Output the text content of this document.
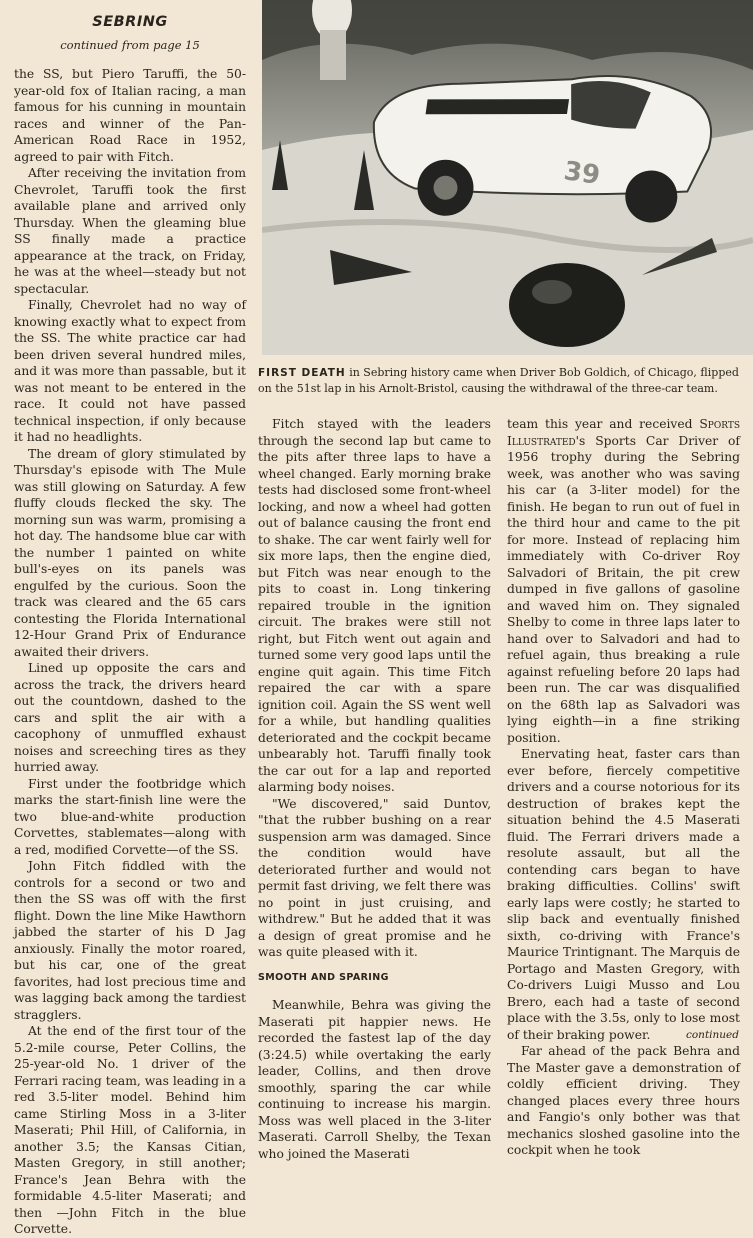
SEBRING
continued from page 15

the SS, but Piero Taruffi, the 50-year-old fox of Italian racing, a man famous for his cunning in mountain races and winner of the Pan-American Road Race in 1952, agreed to pair with Fitch.

After receiving the invitation from Chevrolet, Taruffi took the first available plane and arrived only Thursday. When the gleaming blue SS finally made a practice appearance at the track, on Friday, he was at the wheel—steady but not spectacular.

Finally, Chevrolet had no way of knowing exactly what to expect from the SS. The white practice car had been driven several hundred miles, and it was more than passable, but it was not meant to be entered in the race. It could not have passed technical inspection, if only because it had no headlights.

The dream of glory stimulated by Thursday's episode with The Mule was still glowing on Saturday. A few fluffy clouds flecked the sky. The morning sun was warm, promising a hot day. The handsome blue car with the number 1 painted on white bull's-eyes on its panels was engulfed by the curious. Soon the track was cleared and the 65 cars contesting the Florida International 12-Hour Grand Prix of Endurance awaited their drivers.

Lined up opposite the cars and across the track, the drivers heard out the countdown, dashed to the cars and split the air with a cacophony of unmuffled exhaust noises and screeching tires as they hurried away.

First under the footbridge which marks the start-finish line were the two blue-and-white production Corvettes, stablemates—along with a red, modified Corvette—of the SS.

John Fitch fiddled with the controls for a second or two and then the SS was off with the first flight. Down the line Mike Hawthorn jabbed the starter of his D Jag anxiously. Finally the motor roared, but his car, one of the great favorites, had lost precious time and was lagging back among the tardiest stragglers.

At the end of the first tour of the 5.2-mile course, Peter Collins, the 25-year-old No. 1 driver of the Ferrari racing team, was leading in a red 3.5-liter model. Behind him came Stirling Moss in a 3-liter Maserati; Phil Hill, of California, in another 3.5; the Kansas Citian, Masten Gregory, in still another; France's Jean Behra with the formidable 4.5-liter Maserati; and then —John Fitch in the blue Corvette.

39
FIRST DEATH in Sebring history came when Driver Bob Goldich, of Chicago, flipped on the 51st lap in his Arnolt-Bristol, causing the withdrawal of the three-car team.

Fitch stayed with the leaders through the second lap but came to the pits after three laps to have a wheel changed. Early morning brake tests had disclosed some front-wheel locking, and now a wheel had gotten out of balance causing the front end to shake. The car went fairly well for six more laps, then the engine died, but Fitch was near enough to the pits to coast in. Long tinkering repaired trouble in the ignition circuit. The brakes were still not right, but Fitch went out again and turned some very good laps until the engine quit again. This time Fitch repaired the car with a spare ignition coil. Again the SS went well for a while, but handling qualities deteriorated and the cockpit became unbearably hot. Taruffi finally took the car out for a lap and reported alarming body noises.

"We discovered," said Duntov, "that the rubber bushing on a rear suspension arm was damaged. Since the condition would have deteriorated further and would not permit fast driving, we felt there was no point in just cruising, and withdrew." But he added that it was a design of great promise and he was quite pleased with it.

SMOOTH AND SPARING

Meanwhile, Behra was giving the Maserati pit happier news. He recorded the fastest lap of the day (3:24.5) while overtaking the early leader, Collins, and then drove smoothly, sparing the car while continuing to increase his margin. Moss was well placed in the 3-liter Maserati. Carroll Shelby, the Texan who joined the Maserati

team this year and received Sports Illustrated's Sports Car Driver of 1956 trophy during the Sebring week, was another who was saving his car (a 3-liter model) for the finish. He began to run out of fuel in the third hour and came to the pit for more. Instead of replacing him immediately with Co-driver Roy Salvadori of Britain, the pit crew dumped in five gallons of gasoline and waved him on. They signaled Shelby to come in three laps later to hand over to Salvadori and had to refuel again, thus breaking a rule against refueling before 20 laps had been run. The car was disqualified on the 68th lap as Salvadori was lying eighth—in a fine striking position.

Enervating heat, faster cars than ever before, fiercely competitive drivers and a course notorious for its destruction of brakes kept the situation behind the 4.5 Maserati fluid. The Ferrari drivers made a resolute assault, but all the contending cars began to have braking difficulties. Collins' swift early laps were costly; he started to slip back and eventually finished sixth, co-driving with France's Maurice Trintignant. The Marquis de Portago and Masten Gregory, with Co-drivers Luigi Musso and Lou Brero, each had a taste of second place with the 3.5s, only to lose most of their braking power.

Far ahead of the pack Behra and The Master gave a demonstration of coldly efficient driving. They changed places every three hours and Fangio's only bother was that mechanics sloshed gasoline into the cockpit when he took

continued
